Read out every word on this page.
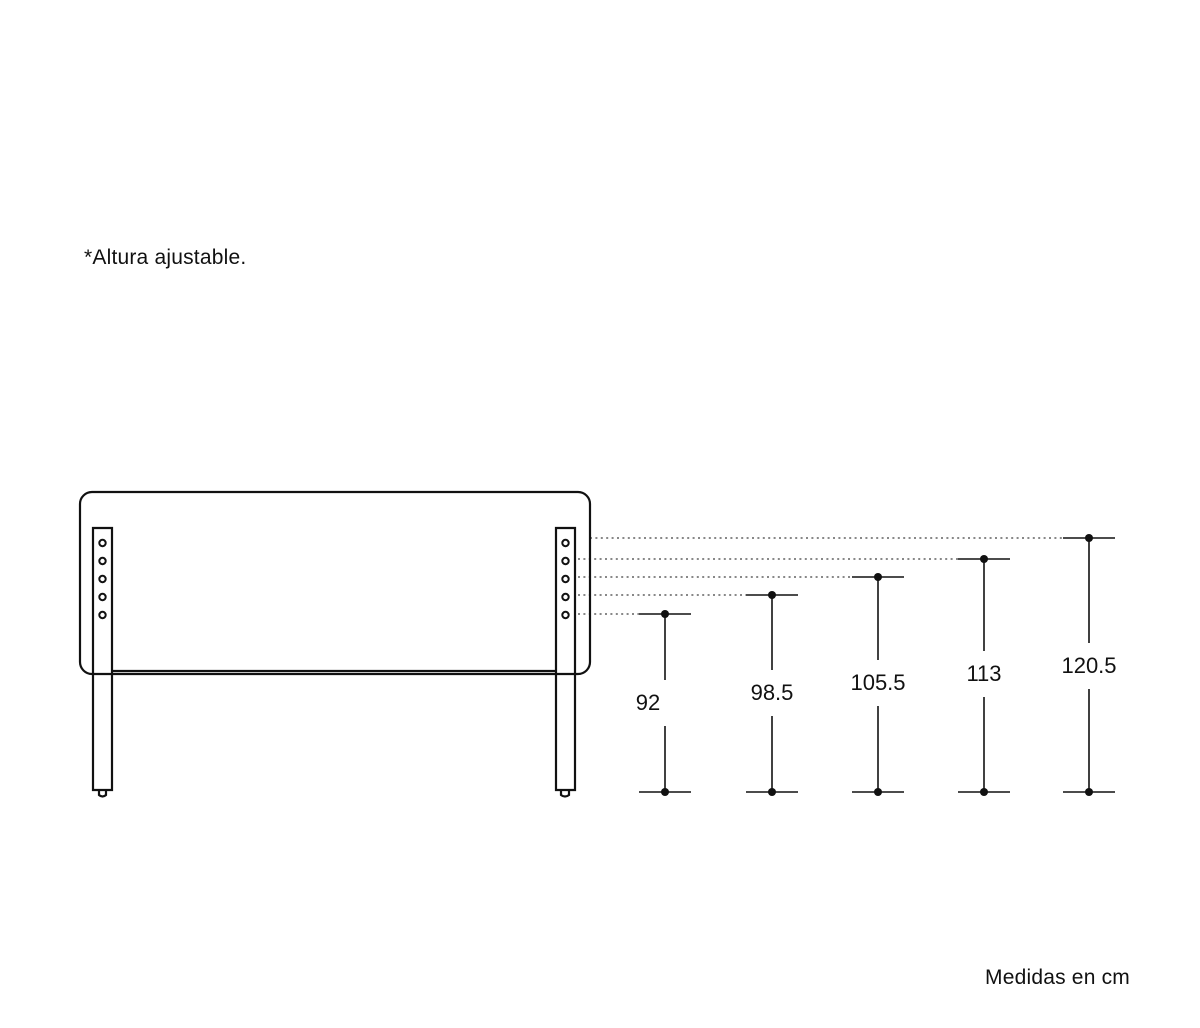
*Altura ajustable.
92	98.5	105.5	113	120.5
Medidas en cm
